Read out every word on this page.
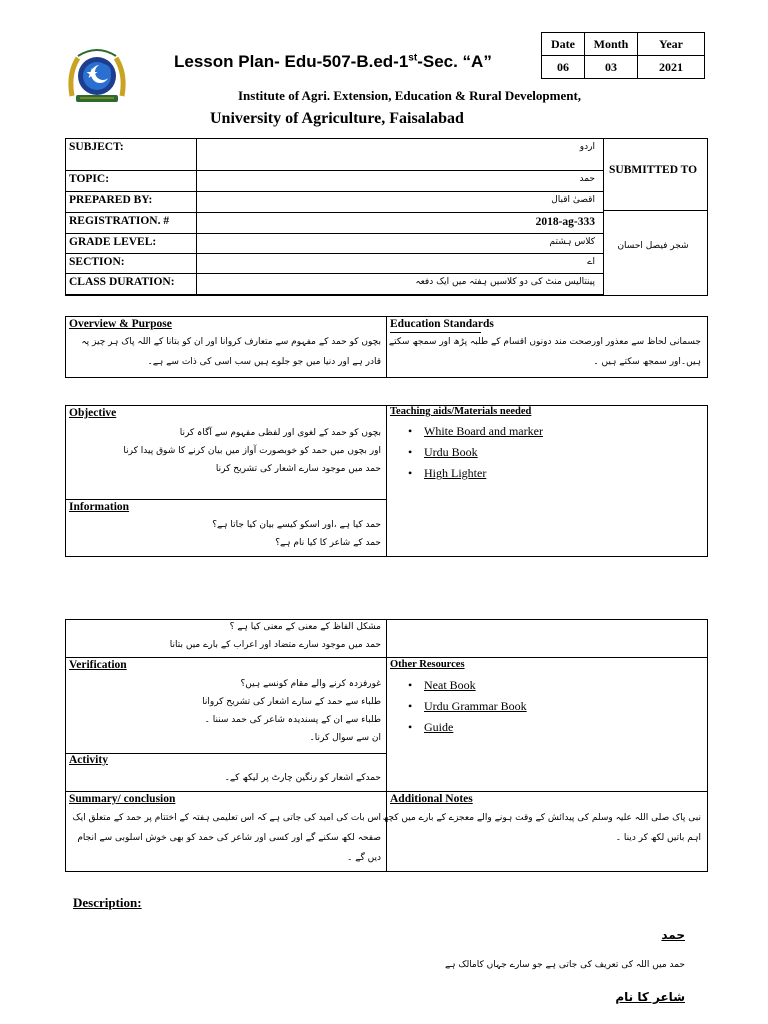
Lesson Plan- Edu-507-B.ed-1st-Sec. “A”
Institute of Agri. Extension, Education & Rural Development,
University of Agriculture, Faisalabad
Date	Month	Year
06	03	2021
SUBJECT:	اردو
TOPIC:	حمد
PREPARED BY:	اقصیٰ اقبال
REGISTRATION. #	2018-ag-333
GRADE LEVEL:	کلاس ہشتم
SECTION:	اے
CLASS DURATION:	پینتالیس منٹ کی دو کلاسیں ہفتہ میں ایک دفعہ
SUBMITTED TO
شجر فیصل احسان
Overview & Purpose
بچوں کو حمد کے مفہوم سے متعارف کروانا اور ان کو بتانا کے اللہ پاک ہر چیز پہ
قادر ہے اور دنیا میں جو جلوے ہیں سب اسی کی ذات سے ہے۔
Education Standards
جسمانی لحاظ سے معذور اورصحت مند دونوں اقسام کے طلبہ پڑھ اور سمجھ سکتے
ہیں۔اور سمجھ سکتے ہیں ۔
Objective
بچوں کو حمد کے لغوی اور لفظی مفہوم سے آگاہ کرنا
اور بچوں میں حمد کو خوبصورت آواز میں بیان کرنے کا شوق پیدا کرنا
حمد میں موجود سارے اشعار کی تشریح کرنا
Teaching aids/Materials needed
• White Board and marker
• Urdu Book
• High Lighter
Information
حمد کیا ہے ،اور اسکو کیسے بیان کیا جاتا ہے؟
حمد کے شاعر کا کیا نام ہے؟
مشکل الفاظ کے معنی کے معنی کیا ہے ؟
حمد میں موجود سارے متضاد اور اعراب کے بارے میں بتانا
Verification
غورفزدہ کرنے والے مقام کونسے ہیں؟
طلباء سے حمد کے سارے اشعار کی تشریح کروانا
طلباء سے ان کے پسندیدہ شاعر کی حمد سننا ۔
ان سے سوال کرنا۔
Other Resources
• Neat Book
• Urdu Grammar Book
• Guide
Activity
حمدکے اشعار کو رنگین چارٹ پر لیکھ کے۔
Summary/ conclusion
اس بات کی امید کی جاتی ہے کہ اس تعلیمی ہفتہ کے اختتام پر حمد کے متعلق ایک
صفحہ لکھ سکنے گے اور کسی اور شاعر کی حمد کو بھی خوش اسلوبی سے انجام
دیں گے ۔
Additional Notes
نبی پاک صلی اللہ علیہ وسلم کی پیدائش کے وقت ہونے والے معجزے کے بارے میں کچھ
اہم باتیں لکھ کر دینا ۔
Description:
حمد
حمد میں اللہ کی تعریف کی جاتی ہے جو سارے جہاں کامالک ہے
شاعر کا نام
